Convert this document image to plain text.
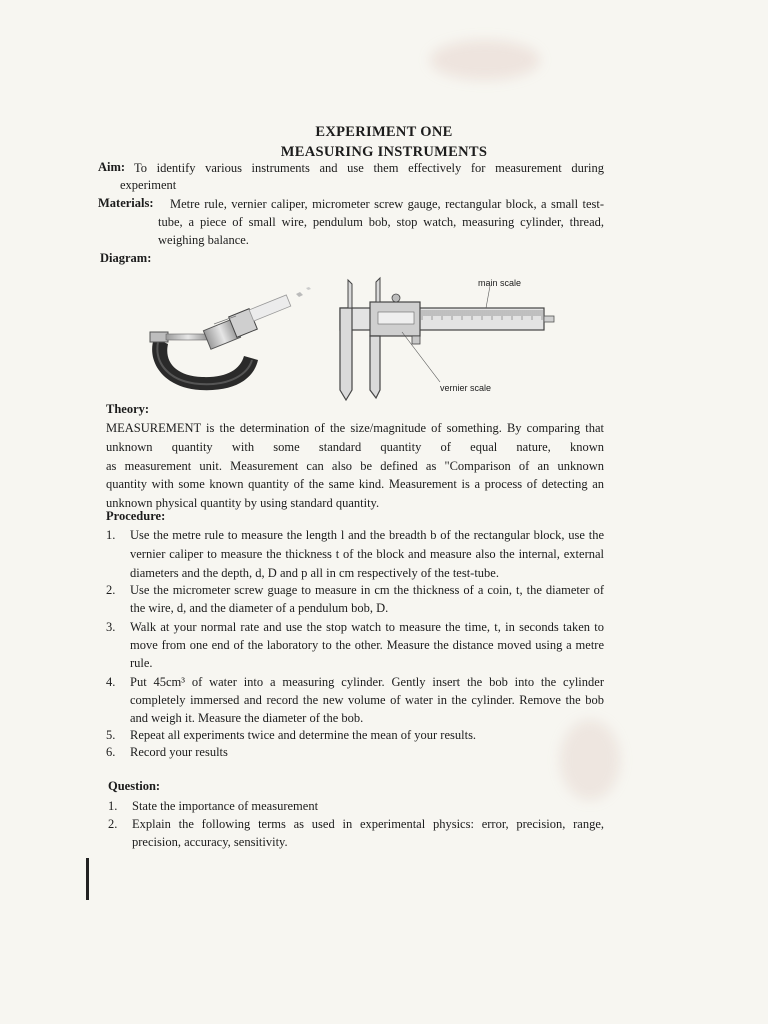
EXPERIMENT ONE
MEASURING INSTRUMENTS
Aim: To identify various instruments and use them effectively for measurement during
experiment
Materials: Metre rule, vernier caliper, micrometer screw gauge, rectangular block, a small test-
tube, a piece of small wire, pendulum bob, stop watch, measuring cylinder, thread,
weighing balance.
Diagram:
main scale
vernier scale
Theory:
MEASUREMENT is the determination of the size/magnitude of something. By comparing that
unknown quantity with some standard quantity of equal nature, known
as measurement unit. Measurement can also be defined as "Comparison of an unknown
quantity with some known quantity of the same kind. Measurement is a process of detecting an
unknown physical quantity by using standard quantity.
Procedure:
1. Use the metre rule to measure the length l and the breadth b of the rectangular block, use the
vernier caliper to measure the thickness t of the block and measure also the internal, external
diameters and the depth, d, D and p all in cm respectively of the test-tube.
2. Use the micrometer screw guage to measure in cm the thickness of a coin, t, the diameter of
the wire, d, and the diameter of a pendulum bob, D.
3. Walk at your normal rate and use the stop watch to measure the time, t, in seconds taken to
move from one end of the laboratory to the other. Measure the distance moved using a metre
rule.
4. Put 45cm³ of water into a measuring cylinder. Gently insert the bob into the cylinder
completely immersed and record the new volume of water in the cylinder. Remove the bob
and weigh it. Measure the diameter of the bob.
5. Repeat all experiments twice and determine the mean of your results.
6. Record your results
Question:
1. State the importance of measurement
2. Explain the following terms as used in experimental physics: error, precision, range,
precision, accuracy, sensitivity.
